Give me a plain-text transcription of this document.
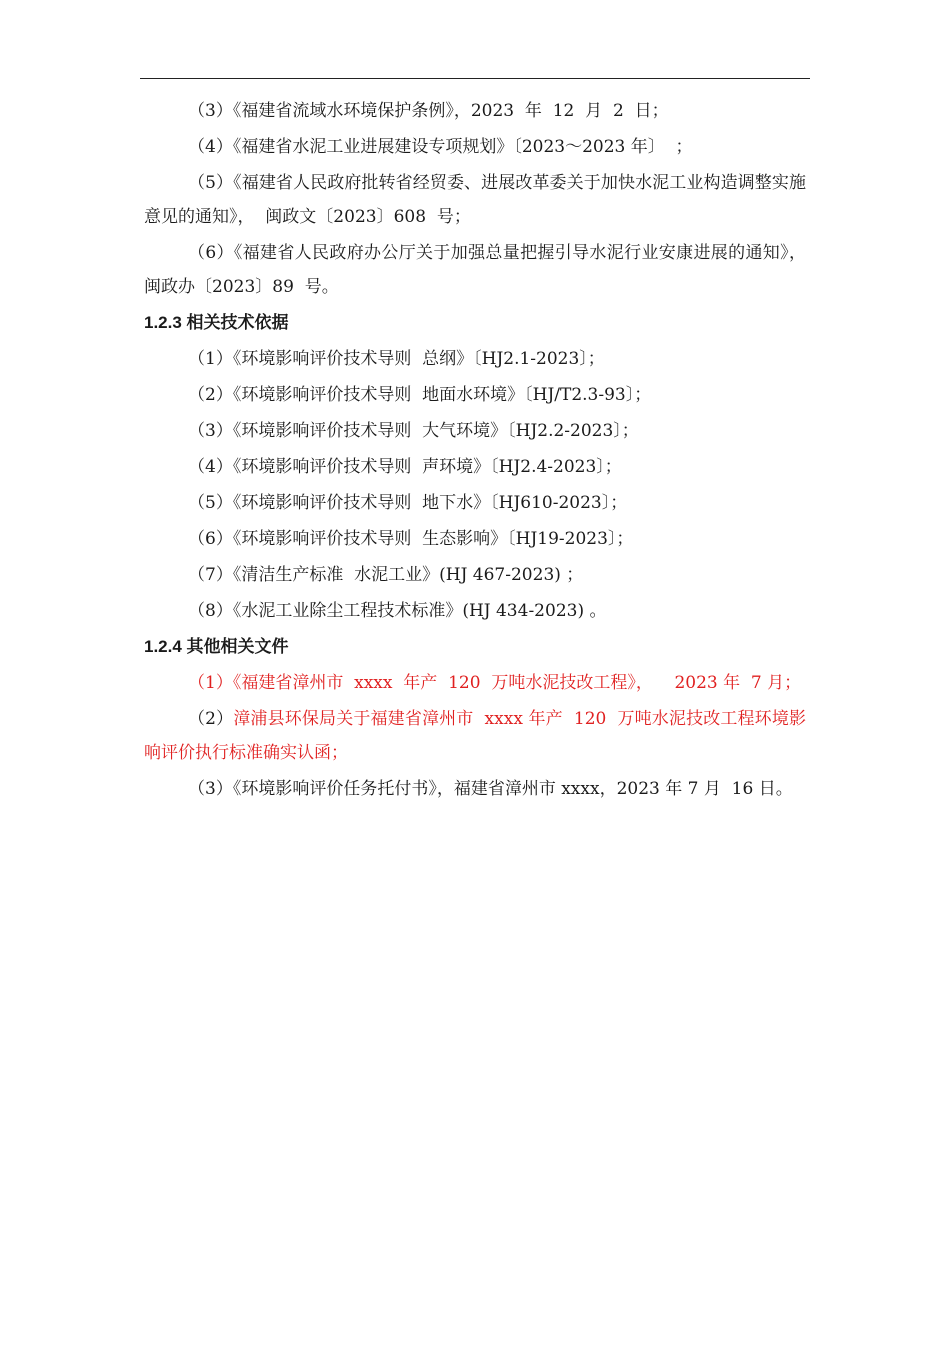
（3）《福建省流域水环境保护条例》，2023  年  12  月  2  日；

（4）《福建省水泥工业进展建设专项规划》〔2023～2023 年〕  ；

（5）《福建省人民政府批转省经贸委、进展改革委关于加快水泥工业构造调整实施意见的通知》，  闽政文〔2023〕608  号；

（6）《福建省人民政府办公厅关于加强总量把握引导水泥行业安康进展的通知》，闽政办〔2023〕89  号。

1.2.3 相关技术依据

（1）《环境影响评价技术导则  总纲》〔HJ2.1-2023〕；

（2）《环境影响评价技术导则  地面水环境》〔HJ/T2.3-93〕；

（3）《环境影响评价技术导则  大气环境》〔HJ2.2-2023〕；

（4）《环境影响评价技术导则  声环境》〔HJ2.4-2023〕；

（5）《环境影响评价技术导则  地下水》〔HJ610-2023〕；

（6）《环境影响评价技术导则  生态影响》〔HJ19-2023〕；

（7）《清洁生产标准  水泥工业》(HJ 467-2023) ；

（8）《水泥工业除尘工程技术标准》(HJ 434-2023) 。

1.2.4 其他相关文件

（1）《福建省漳州市  xxxx  年产  120  万吨水泥技改工程》，    2023 年  7 月；

（2）漳浦县环保局关于福建省漳州市  xxxx 年产  120  万吨水泥技改工程环境影响评价执行标准确实认函；

（3）《环境影响评价任务托付书》，福建省漳州市 xxxx，2023 年 7 月  16 日。
